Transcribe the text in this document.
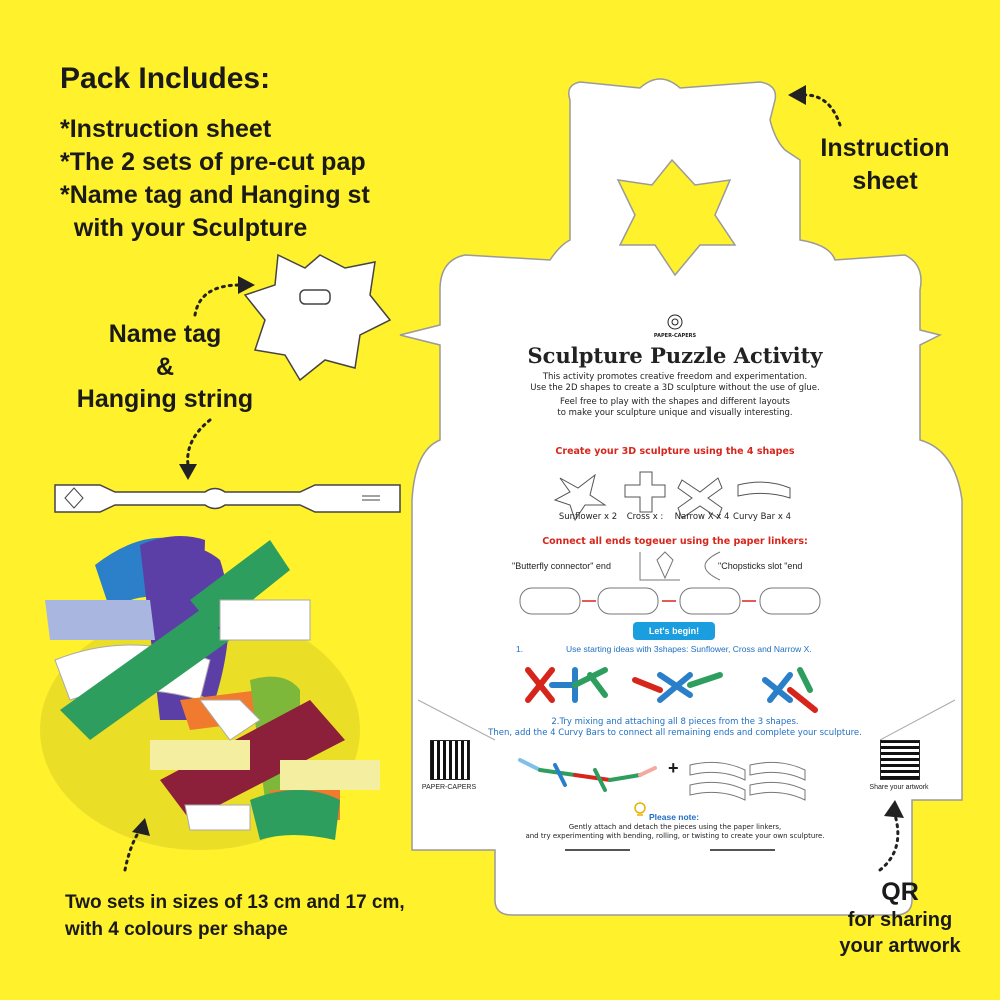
Pack Includes:
*Instruction sheet
*The 2 sets of pre-cut pap
*Name tag and Hanging st
with your Sculpture
Instruction
sheet
Name tag
&
Hanging string
Two sets in sizes of 13 cm and 17 cm,
with 4 colours per shape
QR
for sharing
your artwork
PAPER-CAPERS
Sculpture Puzzle Activity
This activity promotes creative freedom and experimentation.
Use the 2D shapes to create a 3D sculpture without the use of glue.
Feel free to play with the shapes and different layouts
to make your sculpture unique and visually interesting.
Create your 3D sculpture using the 4 shapes
Sunflower x 2	Cross x :	Narrow X x 4 Curvy Bar x 4
Connect all ends togeuer using the paper linkers:
"Butterfly connector" end	"Chopsticks slot "end
Let's begin!
1.	Use starting ideas with 3shapes: Sunflower, Cross and Narrow X.
2.Try mixing and attaching all 8 pieces from the 3 shapes.
Then, add the 4 Curvy Bars to connect all remaining ends and complete your sculpture.
+
PAPER-CAPERS	Share your artwork
Please note:
Gently attach and detach the pieces using the paper linkers,
and try experimenting with bending, rolling, or twisting to create your own sculpture.
